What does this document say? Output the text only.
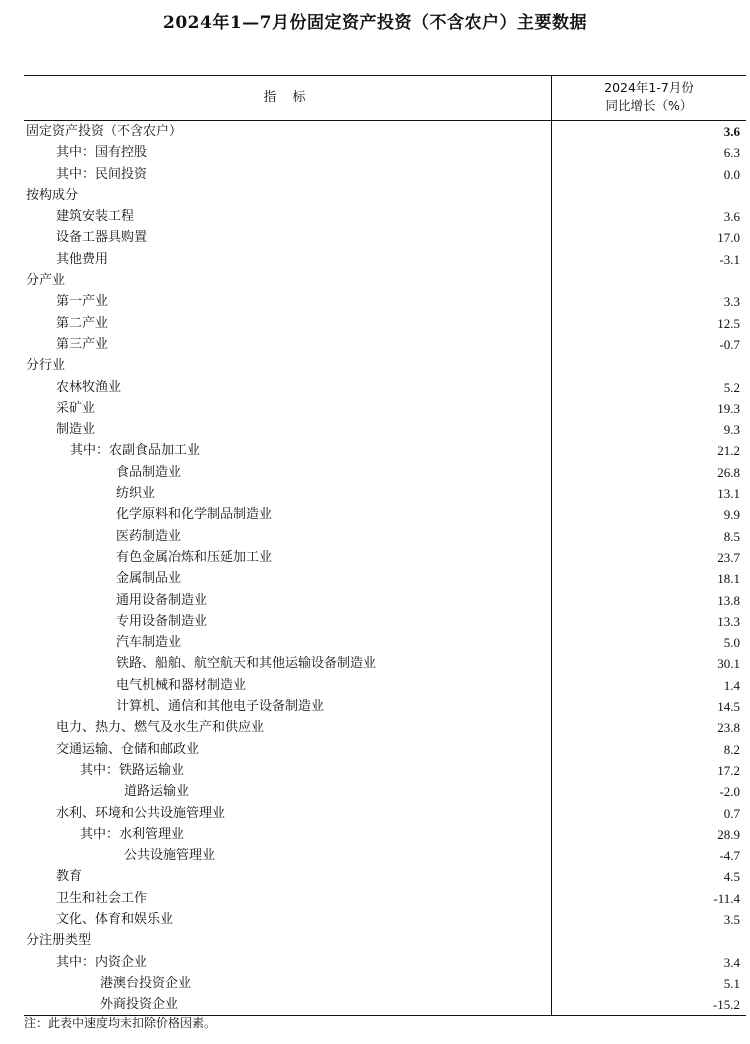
2024年1—7月份固定资产投资（不含农户）主要数据
指 标
2024年1-7月份
同比增长（%）
固定资产投资（不含农户）	3.6
其中：国有控股	6.3
其中：民间投资	0.0
按构成分
建筑安装工程	3.6
设备工器具购置	17.0
其他费用	-3.1
分产业
第一产业	3.3
第二产业	12.5
第三产业	-0.7
分行业
农林牧渔业	5.2
采矿业	19.3
制造业	9.3
其中：农副食品加工业	21.2
食品制造业	26.8
纺织业	13.1
化学原料和化学制品制造业	9.9
医药制造业	8.5
有色金属冶炼和压延加工业	23.7
金属制品业	18.1
通用设备制造业	13.8
专用设备制造业	13.3
汽车制造业	5.0
铁路、船舶、航空航天和其他运输设备制造业	30.1
电气机械和器材制造业	1.4
计算机、通信和其他电子设备制造业	14.5
电力、热力、燃气及水生产和供应业	23.8
交通运输、仓储和邮政业	8.2
其中：铁路运输业	17.2
道路运输业	-2.0
水利、环境和公共设施管理业	0.7
其中：水利管理业	28.9
公共设施管理业	-4.7
教育	4.5
卫生和社会工作	-11.4
文化、体育和娱乐业	3.5
分注册类型
其中：内资企业	3.4
港澳台投资企业	5.1
外商投资企业	-15.2
注：此表中速度均未扣除价格因素。
